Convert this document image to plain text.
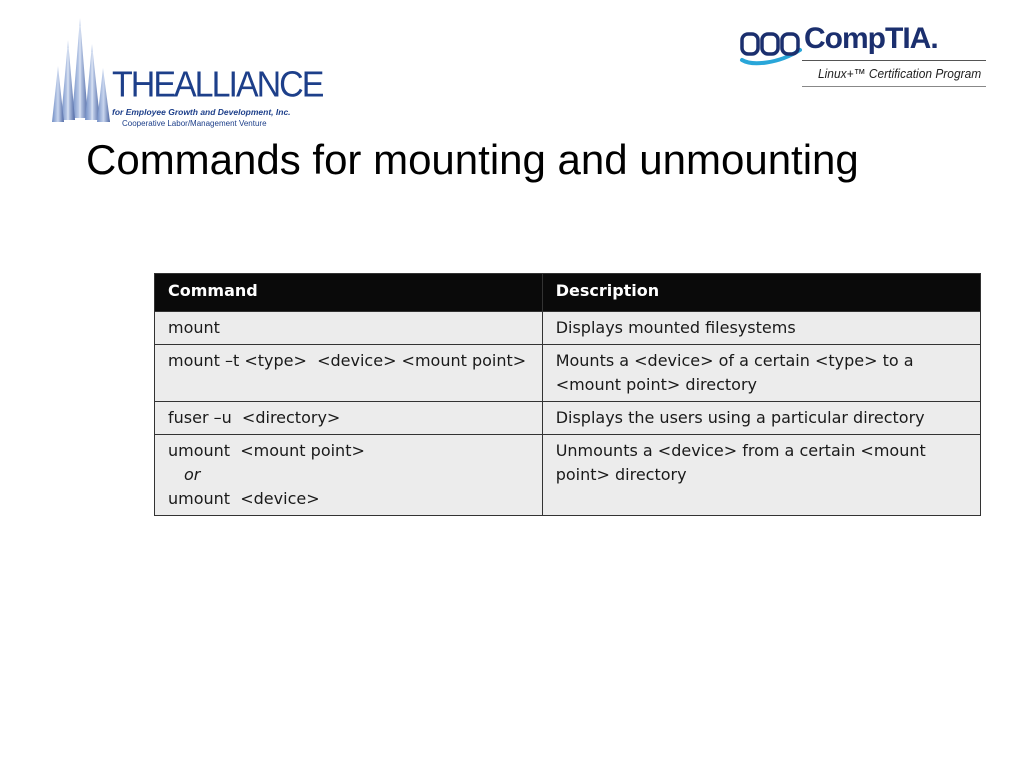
THEALLIANCE
for Employee Growth and Development, Inc.
Cooperative Labor/Management Venture
CompTIA.
Linux+™ Certification Program
Commands for mounting and unmounting
Command	Description

mount	Displays mounted filesystems

mount –t <type>  <device> <mount point>	Mounts a <device> of a certain <type> to a <mount point> directory

fuser –u  <directory>	Displays the users using a particular directory

umount  <mount point>
or
umount  <device>	Unmounts a <device> from a certain <mount point> directory
